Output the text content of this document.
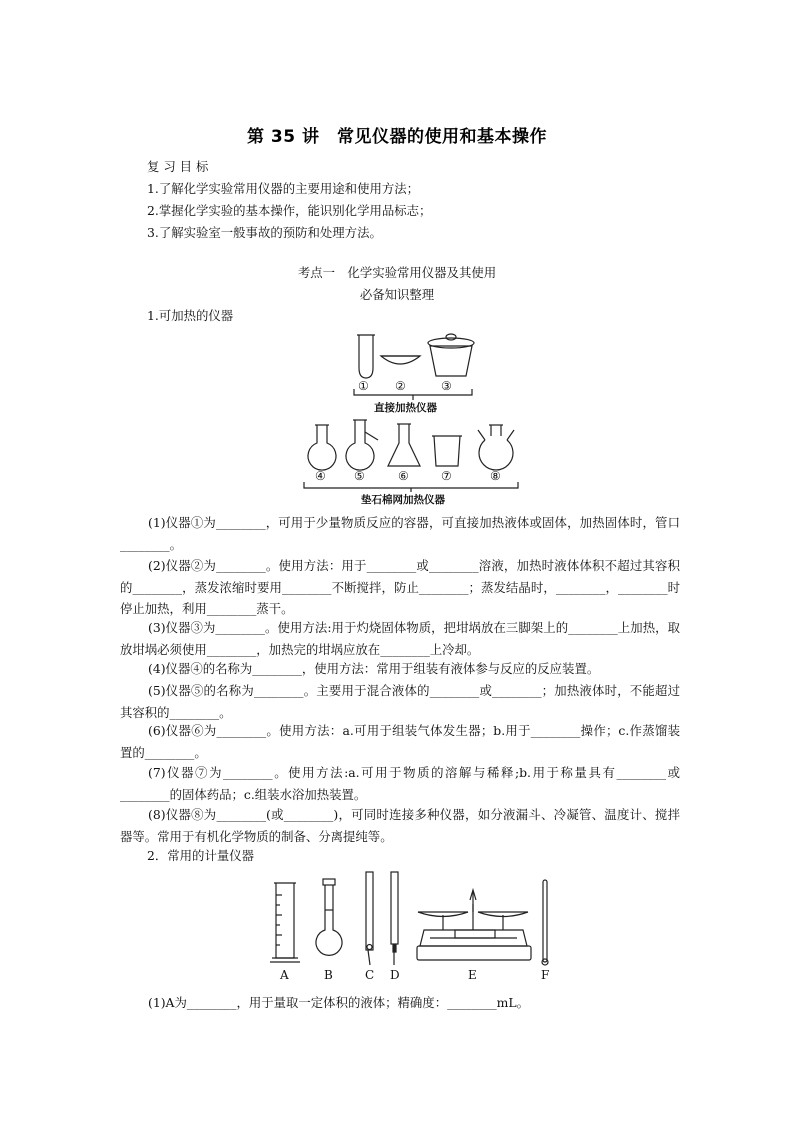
第 35 讲　常见仪器的使用和基本操作
复 习 目 标
1.了解化学实验常用仪器的主要用途和使用方法；
2.掌握化学实验的基本操作，能识别化学用品标志；
3.了解实验室一般事故的预防和处理方法。
考点一　化学实验常用仪器及其使用
必备知识整理
1.可加热的仪器
① ②	③
直接加热仪器
④ ⑤	⑥	⑦	⑧
垫石棉网加热仪器
(1)仪器①为________，可用于少量物质反应的容器，可直接加热液体或固体，加热固体时，管口________。
(2)仪器②为________。使用方法：用于________或________溶液，加热时液体体积不超过其容积的________，蒸发浓缩时要用________不断搅拌，防止________；蒸发结晶时，________，________时停止加热，利用________蒸干。
(3)仪器③为________。使用方法:用于灼烧固体物质，把坩埚放在三脚架上的________上加热，取放坩埚必须使用________，加热完的坩埚应放在________上冷却。
(4)仪器④的名称为________，使用方法：常用于组装有液体参与反应的反应装置。
(5)仪器⑤的名称为________。主要用于混合液体的________或________；加热液体时，不能超过其容积的________。
(6)仪器⑥为________。使用方法：a.可用于组装气体发生器；b.用于________操作；c.作蒸馏装置的________。
(7)仪器⑦为________。使用方法:a.可用于物质的溶解与稀释;b.用于称量具有________或________的固体药品；c.组装水浴加热装置。
(8)仪器⑧为________(或________)，可同时连接多种仪器，如分液漏斗、冷凝管、温度计、搅拌器等。常用于有机化学物质的制备、分离提纯等。
2．常用的计量仪器
A	B	C D	E	F
(1)A为________，用于量取一定体积的液体；精确度：________mL。
